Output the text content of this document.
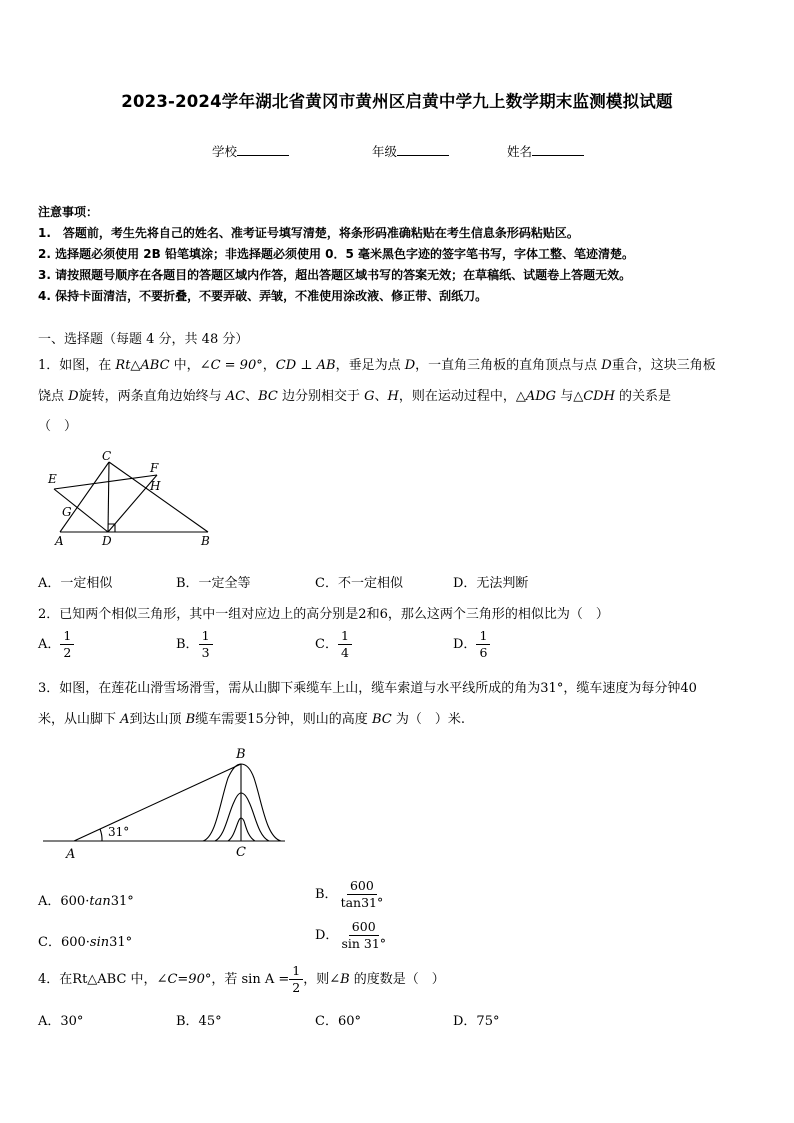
2023-2024学年湖北省黄冈市黄州区启黄中学九上数学期末监测模拟试题
学校	年级	姓名
注意事项：
1.　答题前，考生先将自己的姓名、准考证号填写清楚，将条形码准确粘贴在考生信息条形码粘贴区。
2. 选择题必须使用 2B 铅笔填涂；非选择题必须使用 0．5 毫米黑色字迹的签字笔书写，字体工整、笔迹清楚。
3. 请按照题号顺序在各题目的答题区域内作答，超出答题区域书写的答案无效；在草稿纸、试题卷上答题无效。
4. 保持卡面清洁，不要折叠，不要弄破、弄皱，不准使用涂改液、修正带、刮纸刀。
一、选择题（每题 4 分，共 48 分）
1．如图，在 Rt△ABC 中，∠C = 90°，CD ⊥ AB，垂足为点 D，一直角三角板的直角顶点与点 D重合，这块三角板
饶点 D旋转，两条直角边始终与 AC、BC 边分别相交于 G、H，则在运动过程中，△ADG 与△CDH 的关系是
（　）
C
F
E	H
G
A	D	B
A．一定相似	B．一定全等	C．不一定相似	D．无法判断
2．已知两个相似三角形，其中一组对应边上的高分别是2和6，那么这两个三角形的相似比为（　）
A． $\frac{1}{2}$	B． $\frac{1}{3}$	C． $\frac{1}{4}$	D． $\frac{1}{6}$
3．如图，在莲花山滑雪场滑雪，需从山脚下乘缆车上山，缆车索道与水平线所成的角为31°，缆车速度为每分钟40
米，从山脚下 A到达山顶 B缆车需要15分钟，则山的高度 BC 为（　）米.
B
31°
A	C
A．600·tan31°	B． $\frac{600}{\tan 31^\circ}$
C．600·sin31°	D． $\frac{600}{\sin 31^\circ}$
4．在Rt△ABC 中，∠C=90°，若 $\sin A = \frac{1}{2}$ ，则∠B 的度数是（　）
A．30°	B．45°	C．60°	D．75°
